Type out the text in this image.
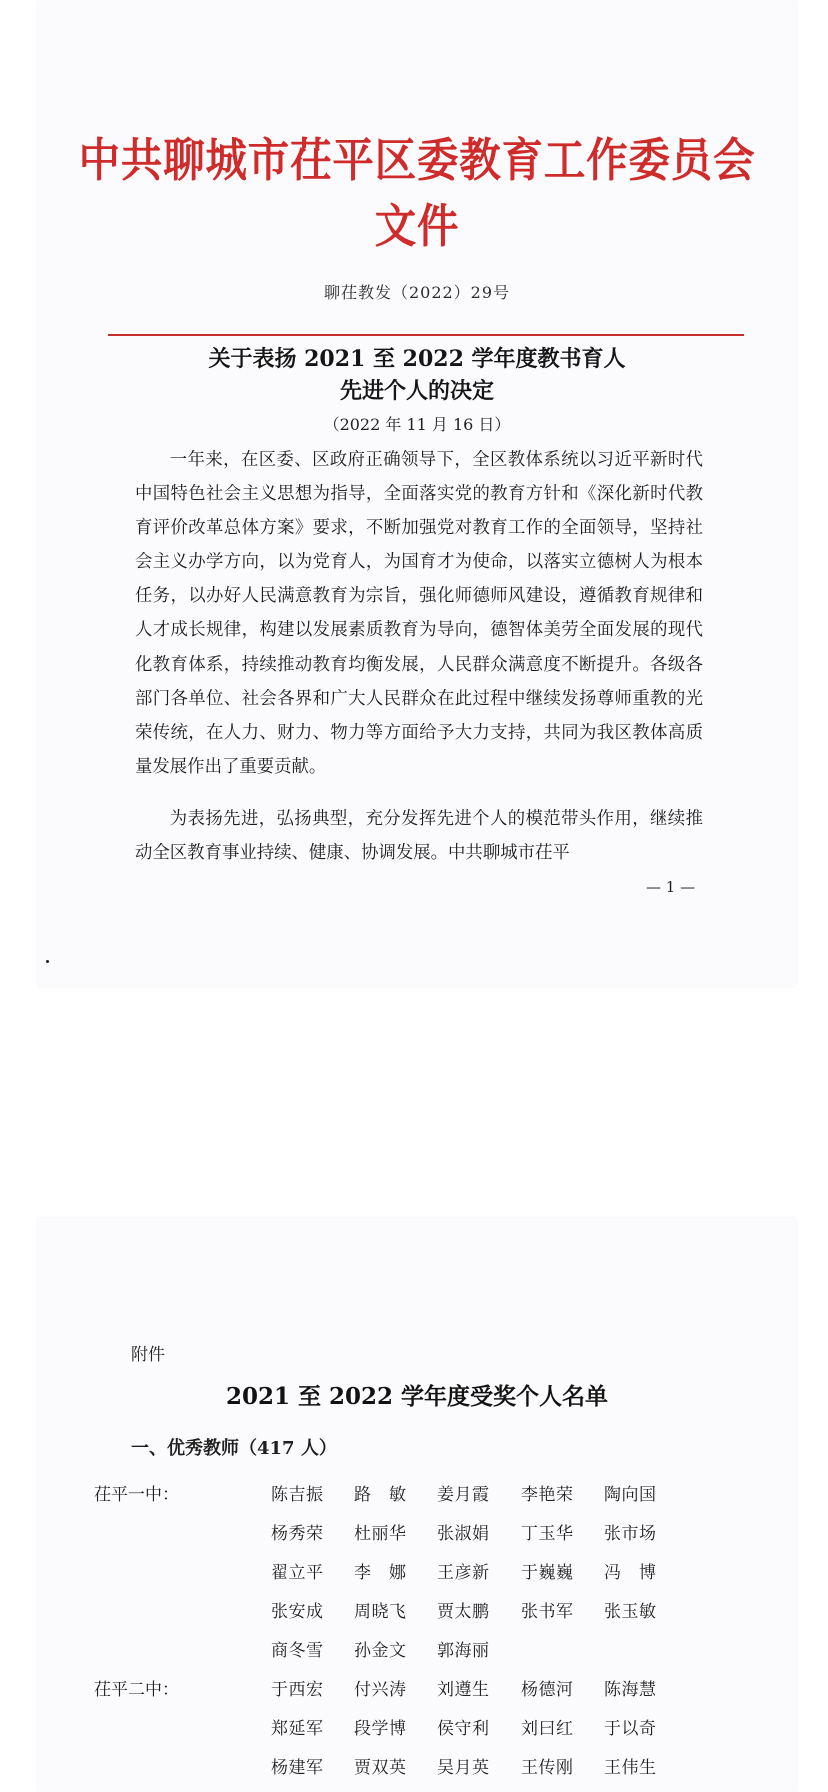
中共聊城市茌平区委教育工作委员会文件
聊茌教发（2022）29号
关于表扬 2021 至 2022 学年度教书育人
先进个人的决定
（2022 年 11 月 16 日）
一年来，在区委、区政府正确领导下，全区教体系统以习近平新时代中国特色社会主义思想为指导，全面落实党的教育方针和《深化新时代教育评价改革总体方案》要求，不断加强党对教育工作的全面领导，坚持社会主义办学方向，以为党育人，为国育才为使命，以落实立德树人为根本任务，以办好人民满意教育为宗旨，强化师德师风建设，遵循教育规律和人才成长规律，构建以发展素质教育为导向，德智体美劳全面发展的现代化教育体系，持续推动教育均衡发展，人民群众满意度不断提升。各级各部门各单位、社会各界和广大人民群众在此过程中继续发扬尊师重教的光荣传统，在人力、财力、物力等方面给予大力支持，共同为我区教体高质量发展作出了重要贡献。
为表扬先进，弘扬典型，充分发挥先进个人的模范带头作用，继续推动全区教育事业持续、健康、协调发展。中共聊城市茌平
— 1 —
附件
2021 至 2022 学年度受奖个人名单
一、优秀教师（417 人）
茌平一中：	陈吉振	路　敏	姜月霞	李艳荣	陶向国
杨秀荣	杜丽华	张淑娟	丁玉华	张市场
翟立平	李　娜	王彦新	于巍巍	冯　博
张安成	周晓飞	贾太鹏	张书军	张玉敏
商冬雪	孙金文	郭海丽
茌平二中：	于西宏	付兴涛	刘遵生	杨德河	陈海慧
郑延军	段学博	侯守利	刘曰红	于以奇
杨建军	贾双英	吴月英	王传刚	王伟生
